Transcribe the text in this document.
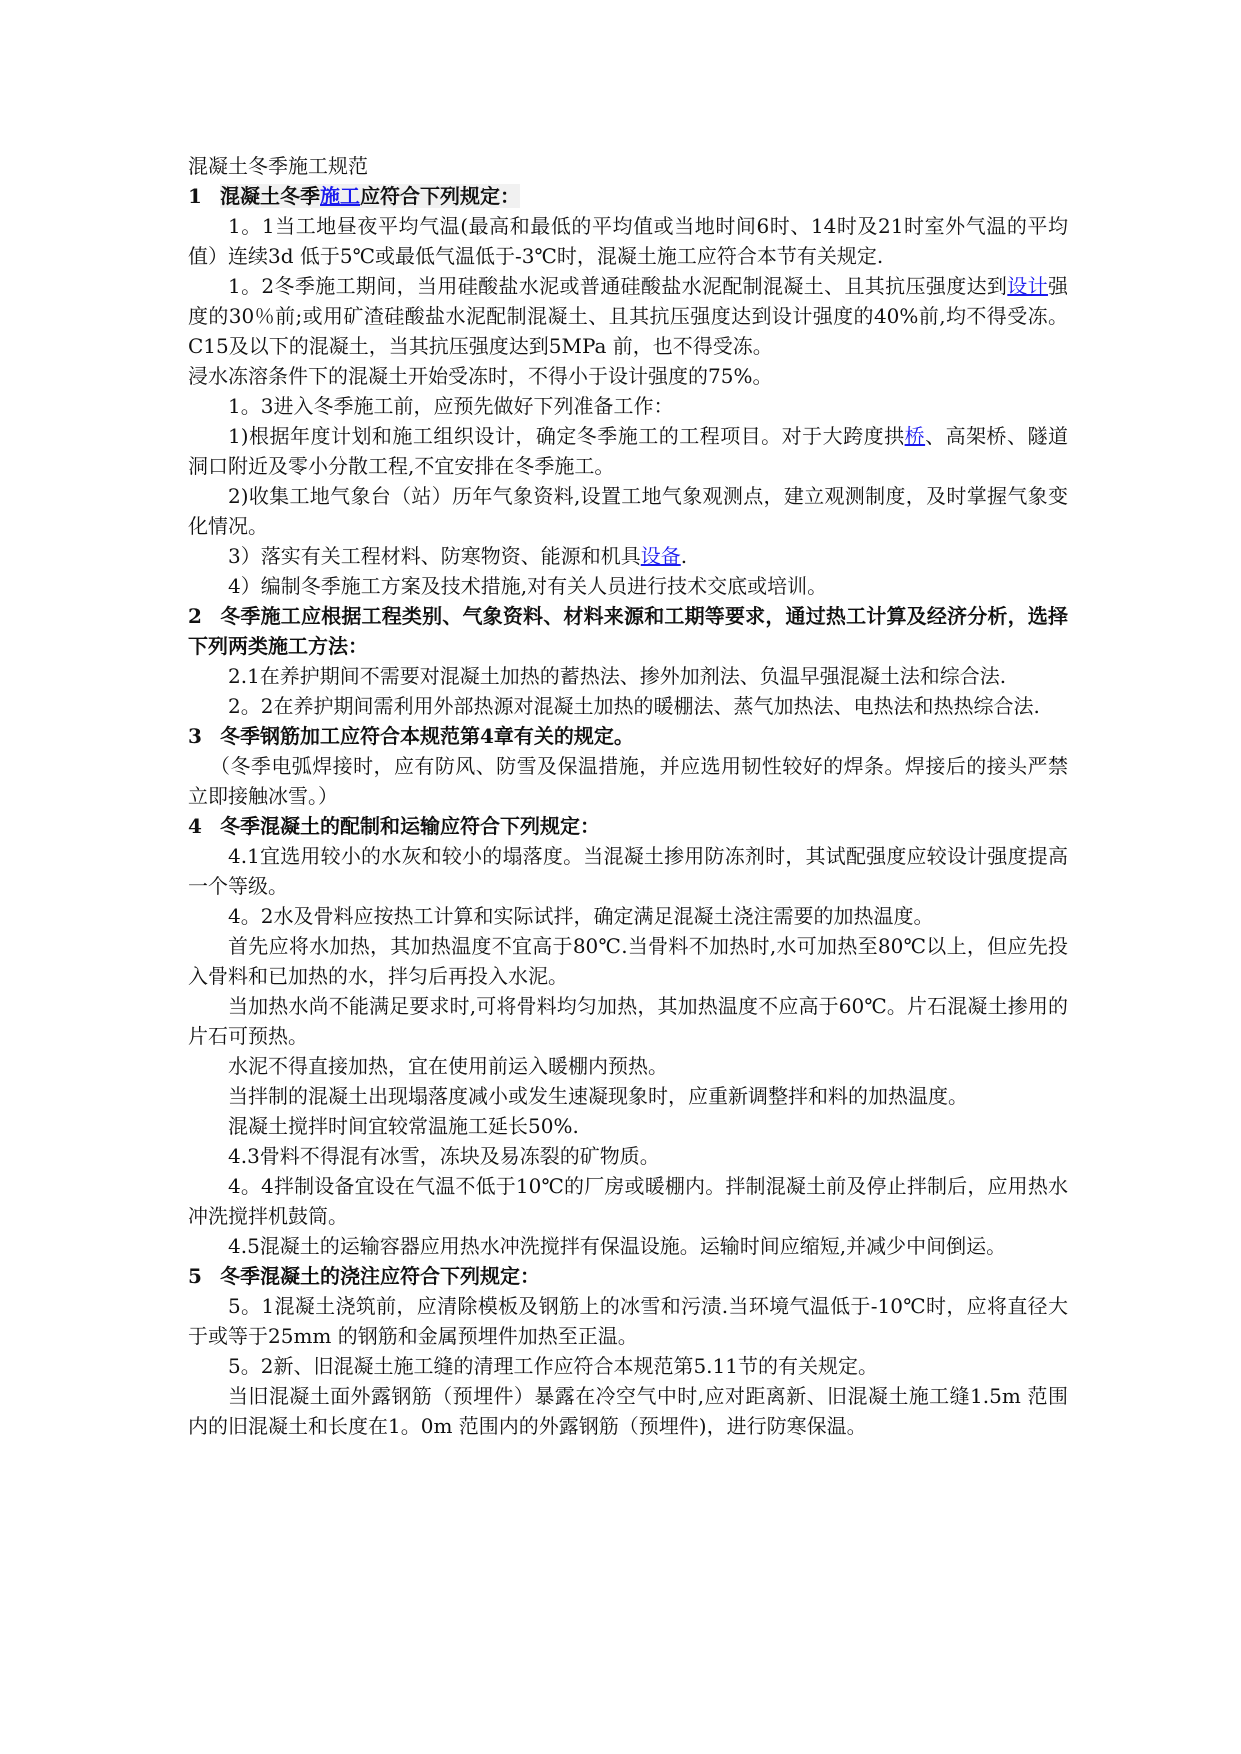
混凝土冬季施工规范

1 混凝土冬季施工应符合下列规定：

1。1当工地昼夜平均气温(最高和最低的平均值或当地时间6时、14时及21时室外气温的平均值）连续3d 低于5℃或最低气温低于-3℃时，混凝土施工应符合本节有关规定.

1。2冬季施工期间，当用硅酸盐水泥或普通硅酸盐水泥配制混凝土、且其抗压强度达到设计强度的30％前;或用矿渣硅酸盐水泥配制混凝土、且其抗压强度达到设计强度的40%前,均不得受冻。C15及以下的混凝土，当其抗压强度达到5MPa 前，也不得受冻。

浸水冻溶条件下的混凝土开始受冻时，不得小于设计强度的75%。

1。3进入冬季施工前，应预先做好下列准备工作：

1)根据年度计划和施工组织设计，确定冬季施工的工程项目。对于大跨度拱桥、高架桥、隧道洞口附近及零小分散工程,不宜安排在冬季施工。

2)收集工地气象台（站）历年气象资料,设置工地气象观测点，建立观测制度，及时掌握气象变化情况。

3）落实有关工程材料、防寒物资、能源和机具设备.

4）编制冬季施工方案及技术措施,对有关人员进行技术交底或培训。

2 冬季施工应根据工程类别、气象资料、材料来源和工期等要求，通过热工计算及经济分析，选择下列两类施工方法：

2.1在养护期间不需要对混凝土加热的蓄热法、掺外加剂法、负温早强混凝土法和综合法.

2。2在养护期间需利用外部热源对混凝土加热的暖棚法、蒸气加热法、电热法和热热综合法.

3 冬季钢筋加工应符合本规范第4章有关的规定。

（冬季电弧焊接时，应有防风、防雪及保温措施，并应选用韧性较好的焊条。焊接后的接头严禁立即接触冰雪。）

4 冬季混凝土的配制和运输应符合下列规定：

4.1宜选用较小的水灰和较小的塌落度。当混凝土掺用防冻剂时，其试配强度应较设计强度提高一个等级。

4。2水及骨料应按热工计算和实际试拌，确定满足混凝土浇注需要的加热温度。

首先应将水加热，其加热温度不宜高于80℃.当骨料不加热时,水可加热至80℃以上，但应先投入骨料和已加热的水，拌匀后再投入水泥。

当加热水尚不能满足要求时,可将骨料均匀加热，其加热温度不应高于60℃。片石混凝土掺用的片石可预热。

水泥不得直接加热，宜在使用前运入暖棚内预热。

当拌制的混凝土出现塌落度减小或发生速凝现象时，应重新调整拌和料的加热温度。

混凝土搅拌时间宜较常温施工延长50%.

4.3骨料不得混有冰雪，冻块及易冻裂的矿物质。

4。4拌制设备宜设在气温不低于10℃的厂房或暖棚内。拌制混凝土前及停止拌制后，应用热水冲洗搅拌机鼓筒。

4.5混凝土的运输容器应用热水冲洗搅拌有保温设施。运输时间应缩短,并减少中间倒运。

5 冬季混凝土的浇注应符合下列规定：

5。1混凝土浇筑前，应清除模板及钢筋上的冰雪和污渍.当环境气温低于-10℃时，应将直径大于或等于25mm 的钢筋和金属预埋件加热至正温。

5。2新、旧混凝土施工缝的清理工作应符合本规范第5.11节的有关规定。

当旧混凝土面外露钢筋（预埋件）暴露在冷空气中时,应对距离新、旧混凝土施工缝1.5m 范围内的旧混凝土和长度在1。0m 范围内的外露钢筋（预埋件)，进行防寒保温。
